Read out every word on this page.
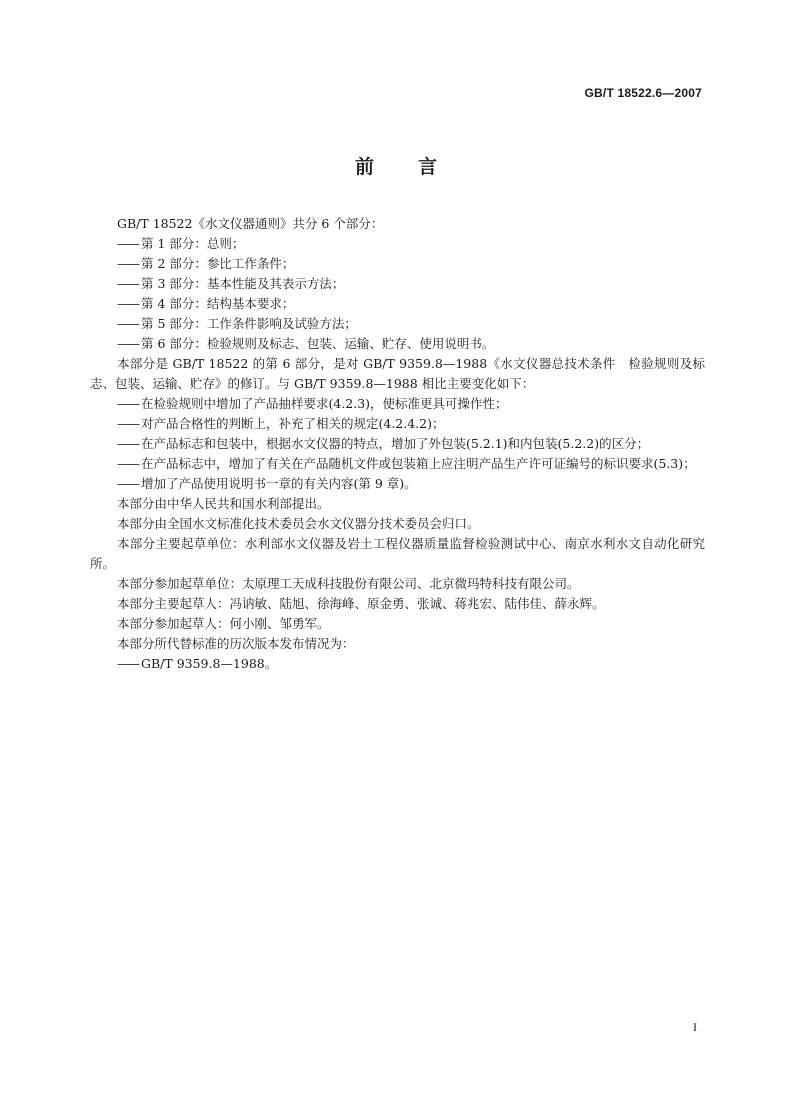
GB/T 18522.6—2007
前言

GB/T 18522《水文仪器通则》共分 6 个部分：

—— 第 1 部分：总则；

—— 第 2 部分：参比工作条件；

—— 第 3 部分：基本性能及其表示方法；

—— 第 4 部分：结构基本要求；

—— 第 5 部分：工作条件影响及试验方法；

—— 第 6 部分：检验规则及标志、包装、运输、贮存、使用说明书。

本部分是 GB/T 18522 的第 6 部分，是对 GB/T 9359.8—1988《水文仪器总技术条件　检验规则及标志、包装、运输、贮存》的修订。与 GB/T 9359.8—1988 相比主要变化如下：

—— 在检验规则中增加了产品抽样要求(4.2.3)，使标准更具可操作性；

—— 对产品合格性的判断上，补充了相关的规定(4.2.4.2)；

—— 在产品标志和包装中，根据水文仪器的特点，增加了外包装(5.2.1)和内包装(5.2.2)的区分；

—— 在产品标志中，增加了有关在产品随机文件或包装箱上应注明产品生产许可证编号的标识要求(5.3)；

—— 增加了产品使用说明书一章的有关内容(第 9 章)。

本部分由中华人民共和国水利部提出。

本部分由全国水文标准化技术委员会水文仪器分技术委员会归口。

本部分主要起草单位：水利部水文仪器及岩土工程仪器质量监督检验测试中心、南京水利水文自动化研究所。

本部分参加起草单位：太原理工天成科技股份有限公司、北京微玛特科技有限公司。

本部分主要起草人：冯讷敏、陆旭、徐海峰、原金勇、张诚、蒋兆宏、陆伟佳、薛永辉。

本部分参加起草人：何小刚、邹勇军。

本部分所代替标准的历次版本发布情况为：

—— GB/T 9359.8—1988。

I
